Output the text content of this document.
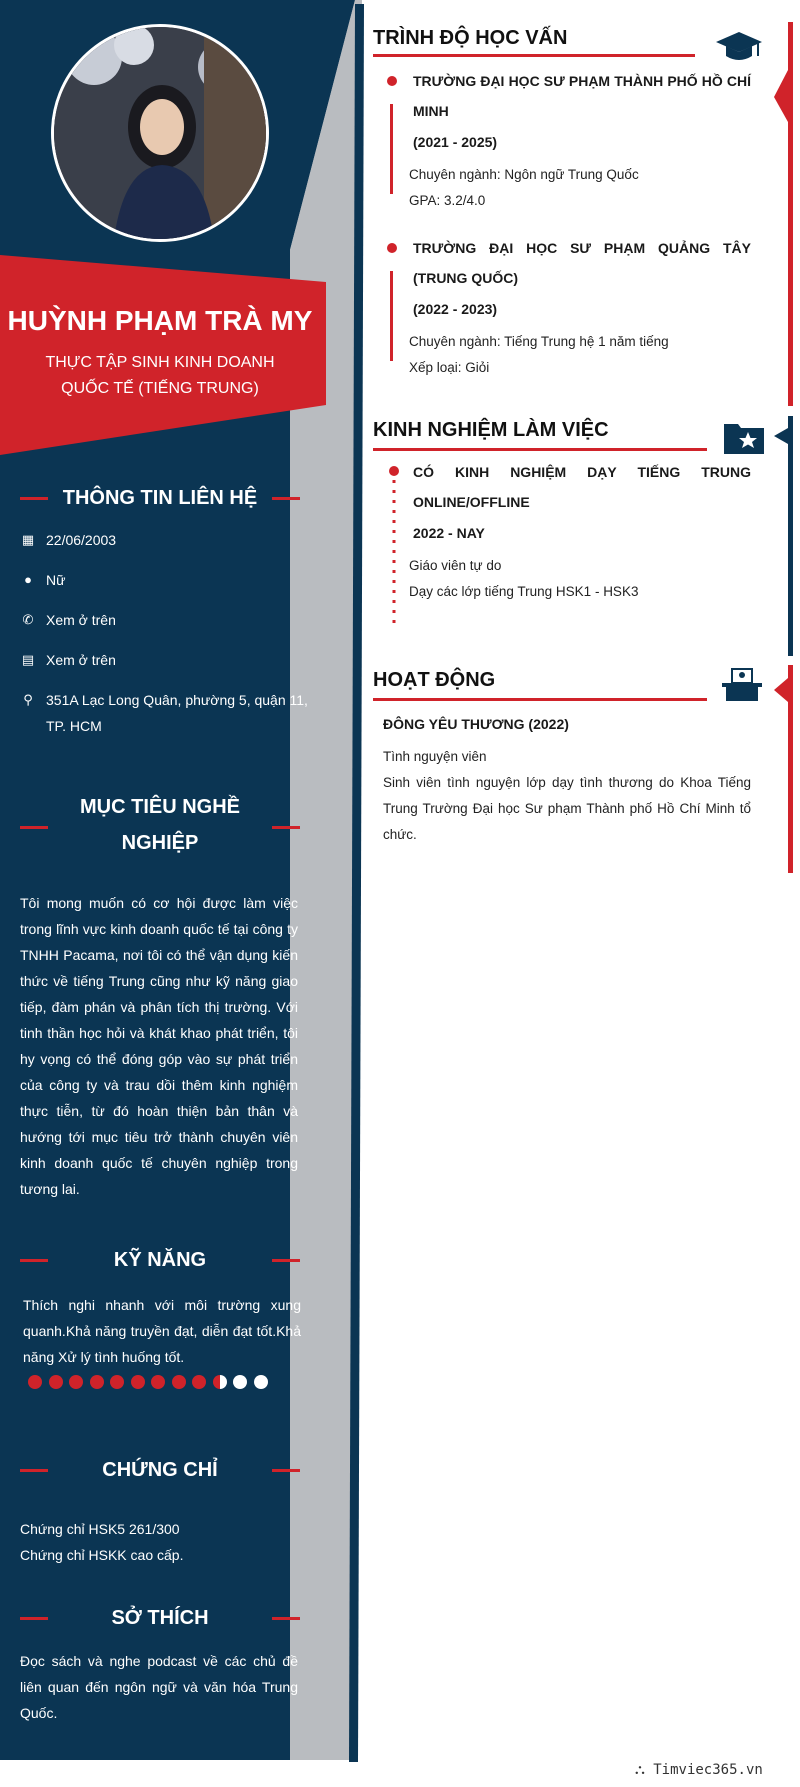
HUỲNH PHẠM TRÀ MY
THỰC TẬP SINH KINH DOANH QUỐC TẾ (TIẾNG TRUNG)
THÔNG TIN LIÊN HỆ
▦ 22/06/2003
● Nữ
✆ Xem ở trên
▤ Xem ở trên
⚲ 351A Lạc Long Quân, phường 5, quận 11, TP. HCM
MỤC TIÊU NGHỀ
NGHIỆP
Tôi mong muốn có cơ hội được làm việc trong lĩnh vực kinh doanh quốc tế tại công ty TNHH Pacama, nơi tôi có thể vận dụng kiến thức về tiếng Trung cũng như kỹ năng giao tiếp, đàm phán và phân tích thị trường. Với tinh thần học hỏi và khát khao phát triển, tôi hy vọng có thể đóng góp vào sự phát triển của công ty và trau dồi thêm kinh nghiệm thực tiễn, từ đó hoàn thiện bản thân và hướng tới mục tiêu trở thành chuyên viên kinh doanh quốc tế chuyên nghiệp trong tương lai.
KỸ NĂNG
Thích nghi nhanh với môi trường xung quanh.Khả năng truyền đạt, diễn đạt tốt.Khả năng Xử lý tình huống tốt.
CHỨNG CHỈ
Chứng chỉ HSK5 261/300
Chứng chỉ HSKK cao cấp.
SỞ THÍCH
Đọc sách và nghe podcast về các chủ đề liên quan đến ngôn ngữ và văn hóa Trung Quốc.
TRÌNH ĐỘ HỌC VẤN
TRƯỜNG ĐẠI HỌC SƯ PHẠM THÀNH PHỐ HỒ CHÍ MINH
(2021 - 2025)
Chuyên ngành: Ngôn ngữ Trung Quốc
GPA: 3.2/4.0
TRƯỜNG ĐẠI HỌC SƯ PHẠM QUẢNG TÂY (TRUNG QUỐC)
(2022 - 2023)
Chuyên ngành: Tiếng Trung hệ 1 năm tiếng
Xếp loại: Giỏi
KINH NGHIỆM LÀM VIỆC
CÓ KINH NGHIỆM DẠY TIẾNG TRUNG ONLINE/OFFLINE
2022 - NAY
Giáo viên tự do
Dạy các lớp tiếng Trung HSK1 - HSK3
HOẠT ĐỘNG
ĐÔNG YÊU THƯƠNG (2022)
Tình nguyện viên
Sinh viên tình nguyện lớp dạy tình thương do Khoa Tiếng Trung Trường Đại học Sư phạm Thành phố Hồ Chí Minh tổ chức.
⛬ Timviec365.vn
